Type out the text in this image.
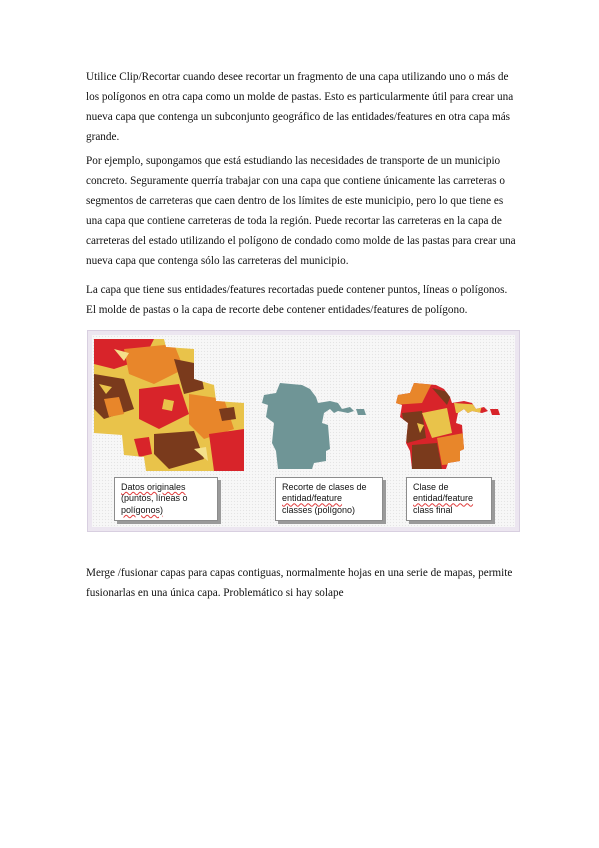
Utilice Clip/Recortar cuando desee recortar un fragmento de una capa utilizando uno o más de los polígonos en otra capa como un molde de pastas. Esto es particularmente útil para crear una nueva capa que contenga un subconjunto geográfico de las entidades/features en otra capa más grande.

Por ejemplo, supongamos que está estudiando las necesidades de transporte de un municipio concreto. Seguramente querría trabajar con una capa que contiene únicamente las carreteras o segmentos de carreteras que caen dentro de los límites de este municipio, pero lo que tiene es una capa que contiene carreteras de toda la región. Puede recortar las carreteras en la capa de carreteras del estado utilizando el polígono de condado como molde de las pastas para crear una nueva capa que contenga sólo las carreteras del municipio.

La capa que tiene sus entidades/features recortadas puede contener puntos, líneas o polígonos. El molde de pastas o la capa de recorte debe contener entidades/features de polígono.

Datos originales
(puntos, líneas o
polígonos)
Recorte de clases de
entidad/feature
classes (polígono)
Clase de
entidad/feature
class final

Merge /fusionar capas para capas contiguas, normalmente hojas en una serie de mapas, permite fusionarlas en una única capa. Problemático si hay solape
